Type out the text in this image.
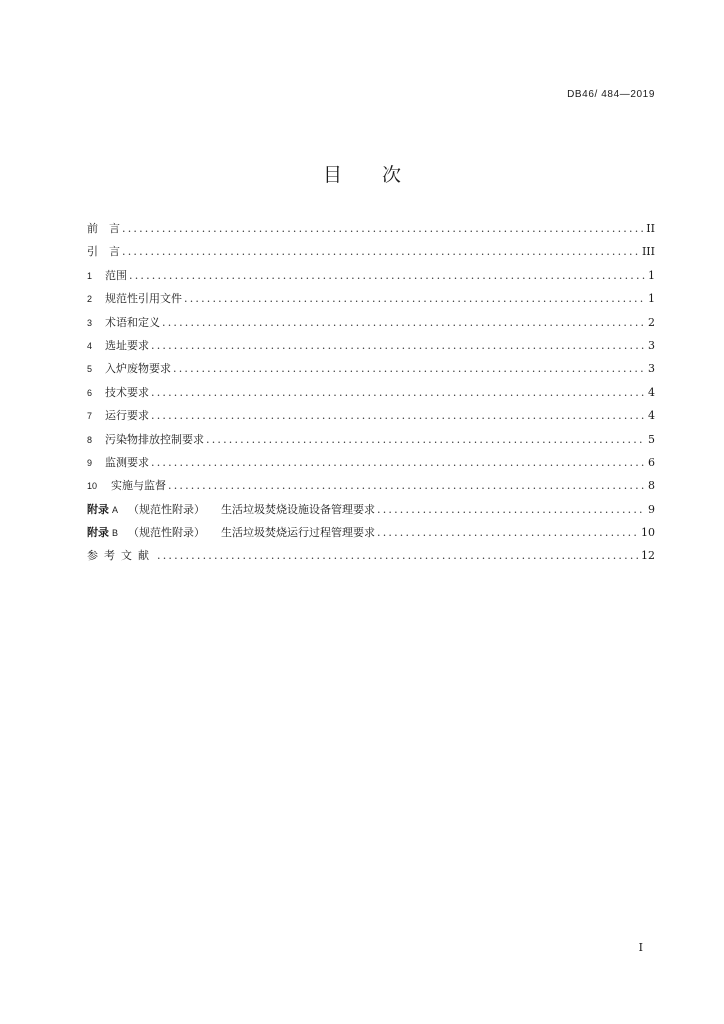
DB46/ 484—2019
目 次
前　言 .....	II
引　言 .....	III
1	范围 .....	1
2	规范性引用文件 .....	1
3	术语和定义 .....	2
4	选址要求 .....	3
5	入炉废物要求 .....	3
6	技术要求 .....	4
7	运行要求 .....	4
8	污染物排放控制要求 .....	5
9	监测要求 .....	6
10	实施与监督 .....	8
附录 A （规范性附录） 生活垃圾焚烧设施设备管理要求 .....	9
附录 B （规范性附录） 生活垃圾焚烧运行过程管理要求 .....	10
参考文献 .....	12
I
